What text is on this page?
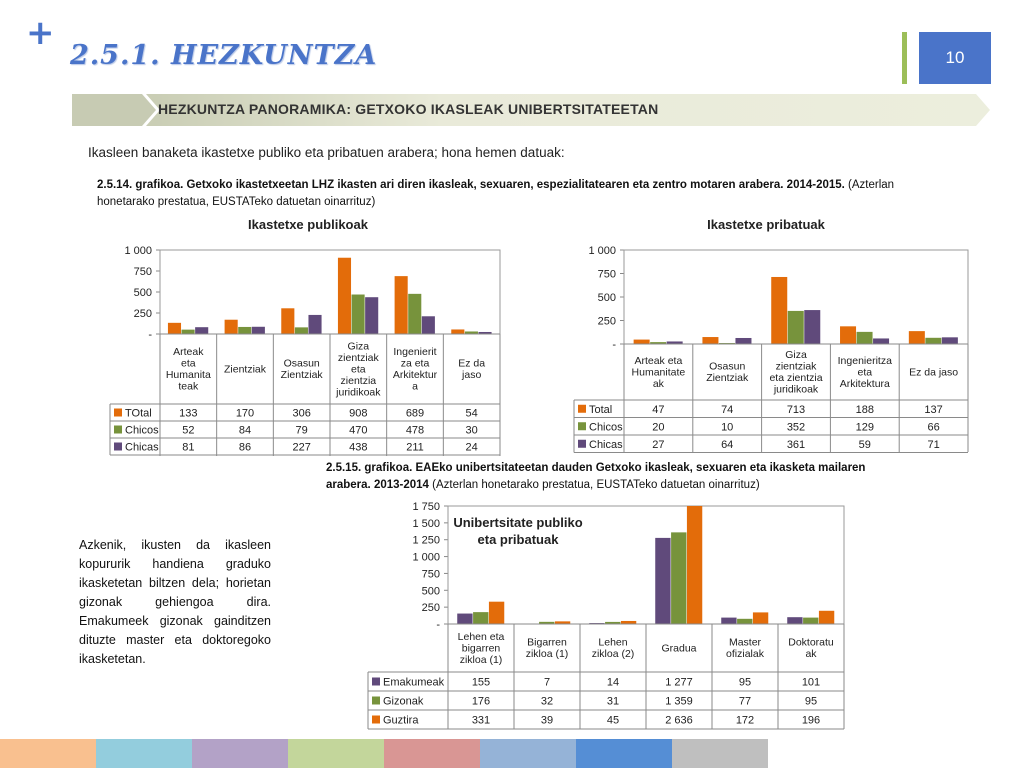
+
2.5.1. HEZKUNTZA	10
HEZKUNTZA PANORAMIKA: GETXOKO IKASLEAK UNIBERTSITATEETAN
Ikasleen banaketa ikastetxe publiko eta pribatuen arabera; hona hemen datuak:
2.5.14. grafikoa. Getxoko ikastetxeetan LHZ ikasten ari diren ikasleak, sexuaren, espezialitatearen eta zentro motaren arabera. 2014-2015. (Azterlan honetarako prestatua, EUSTATeko datuetan oinarrituz)
2.5.15. grafikoa. EAEko unibertsitateetan dauden Getxoko ikasleak, sexuaren eta ikasketa mailaren arabera. 2013-2014 (Azterlan honetarako prestatua, EUSTATeko datuetan oinarrituz)
Azkenik, ikusten da ikasleen kopururik handiena graduko ikasketetan biltzen dela; horietan gizonak gehiengoa dira. Emakumeek gizonak gainditzen dituzte master eta doktoregoko ikasketetan.
Ikastetxe publikoak
-
250
500
750
1 000
Arteak
eta
Humanita
teak
Zientziak Osasun
Zientziak
Giza
zientziak
eta
zientzia
juridikoak
Ingenierit
za eta
Arkitektur
a
Ez da
jaso
TOtal 133	170	306	908	689	54
Chicos 52	84	79	470	478	30
Chicas 81	86	227	438	211	24
Ikastetxe pribatuak
-
250
500
750
1 000
Arteak eta
Humanitate
ak
Osasun
Zientziak
Giza
zientziak
eta zientzia
juridikoak
Ingenieritza
eta
Arkitektura
Ez da jaso
Total	47	74	713	188	137
Chicos	20	10	352	129	66
Chicas	27	64	361	59	71
Unibertsitate publiko
eta pribatuak
-
250
500
750
1 000
1 250
1 500
1 750
Lehen eta
bigarren
zikloa (1)
Bigarren
zikloa (1)
Lehen
zikloa (2)	Gradua	Master
ofizialak
Doktoratu
ak
Emakumeak	155	7	14	1 277	95	101
Gizonak	176	32	31	1 359	77	95
Guztira	331	39	45	2 636	172	196
